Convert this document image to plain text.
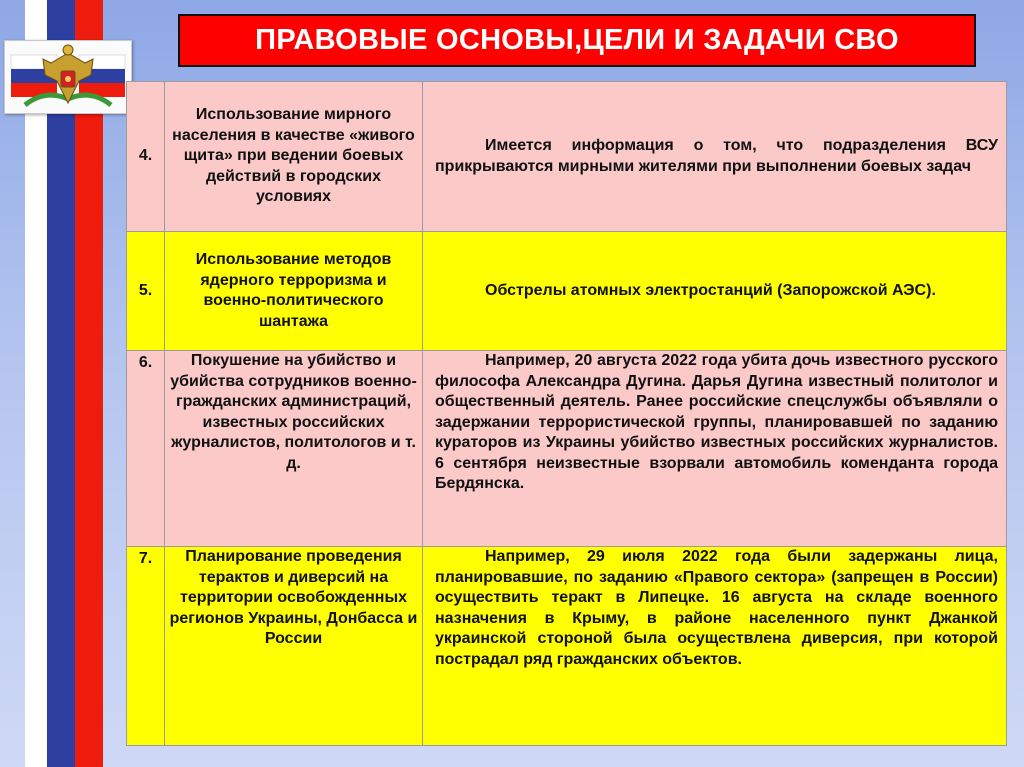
ПРАВОВЫЕ ОСНОВЫ,ЦЕЛИ И ЗАДАЧИ СВО
4.	Использование мирного населения в качестве «живого щита» при ведении боевых действий в городских условиях	Имеется информация о том, что подразделения ВСУ прикрываются мирными жителями при выполнении боевых задач
5.	Использование методов ядерного терроризма и военно-политического шантажа	Обстрелы атомных электростанций (Запорожской АЭС).
6.	Покушение на убийство и убийства сотрудников военно-гражданских администраций, известных российских журналистов, политологов и т. д.	Например, 20 августа 2022 года убита дочь известного русского философа Александра Дугина. Дарья Дугина известный политолог и общественный деятель. Ранее российские спецслужбы объявляли о задержании террористической группы, планировавшей по заданию кураторов из Украины убийство известных российских журналистов. 6 сентября неизвестные взорвали автомобиль коменданта города Бердянска.
7.	Планирование проведения терактов и диверсий на территории освобожденных регионов Украины, Донбасса и России	Например, 29 июля 2022 года были задержаны лица, планировавшие, по заданию «Правого сектора» (запрещен в России) осуществить теракт в Липецке. 16 августа на складе военного назначения в Крыму, в районе населенного пункт Джанкой украинской стороной была осуществлена диверсия, при которой пострадал ряд гражданских объектов.
